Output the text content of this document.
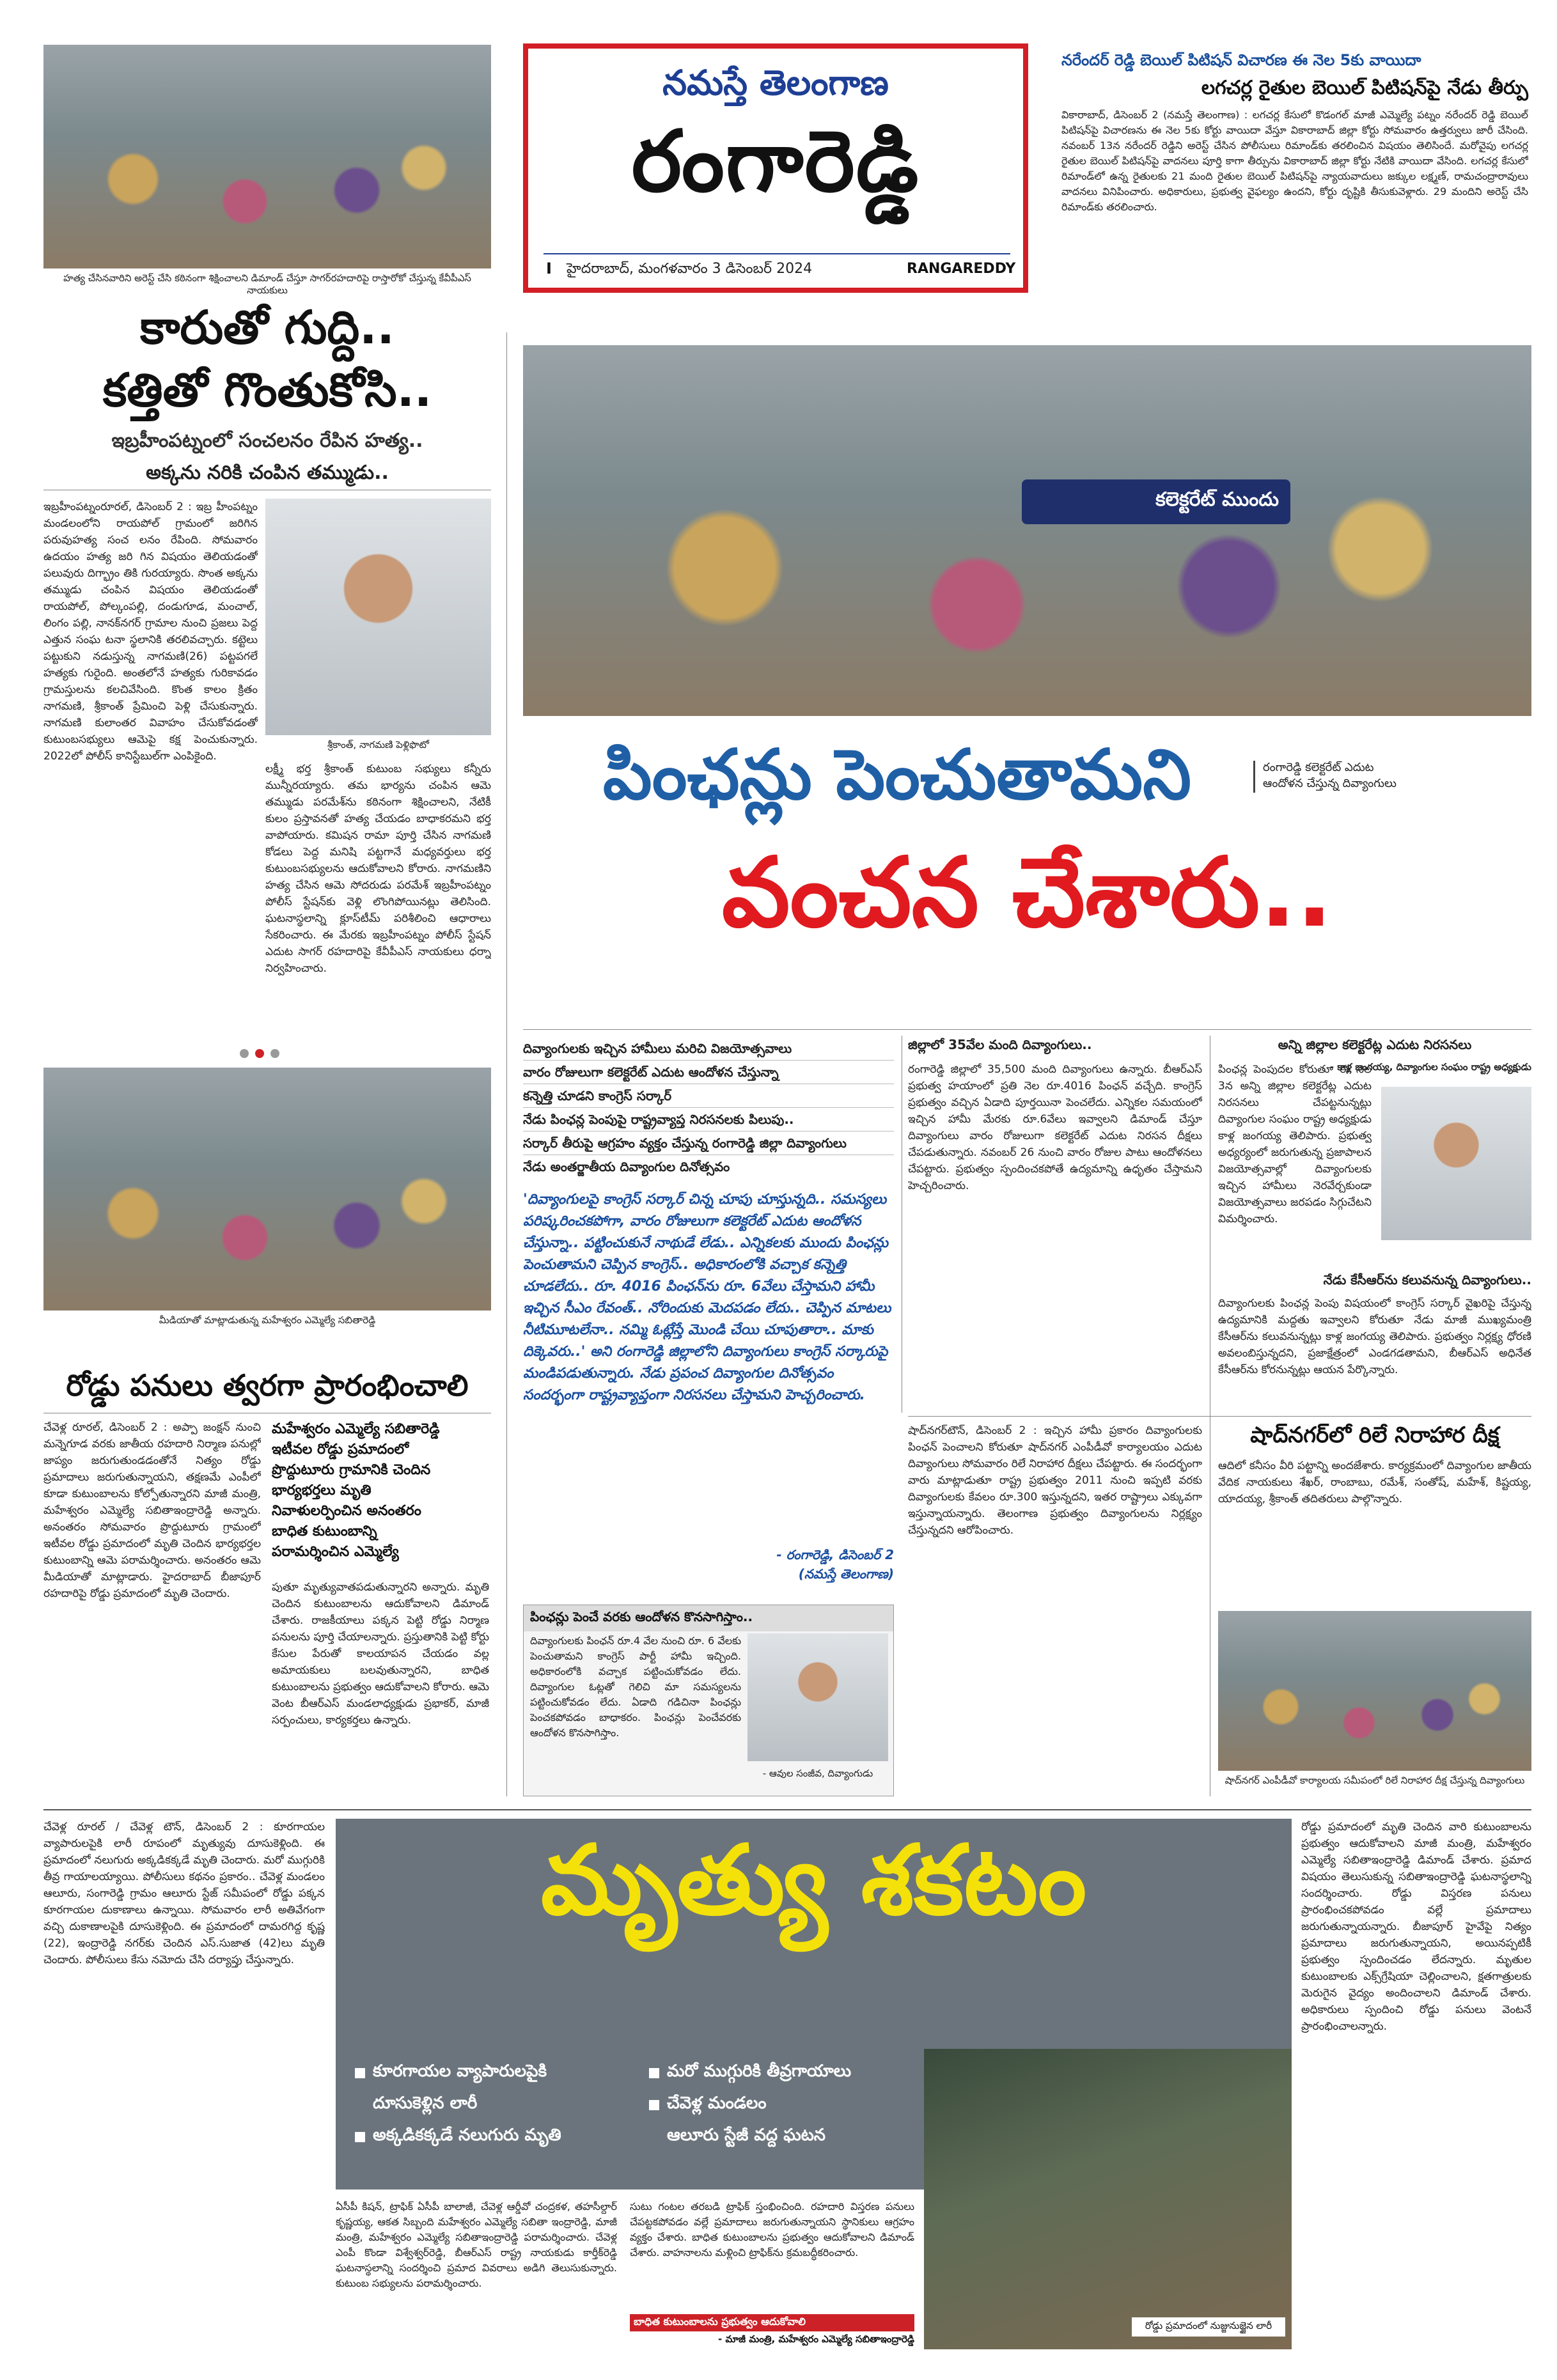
హత్య చేసినవారిని అరెస్ట్ చేసి కఠినంగా శిక్షించాలని డిమాండ్ చేస్తూ సాగర్‌రహదారిపై రాస్తారోకో చేస్తున్న కేవీపీఎస్ నాయకులు
నమస్తే తెలంగాణ
రంగారెడ్డి
I హైదరాబాద్, మంగళవారం 3 డిసెంబర్ 2024	RANGAREDDY
నరేందర్ రెడ్డి బెయిల్ పిటిషన్ విచారణ ఈ నెల 5కు వాయిదా
లగచర్ల రైతుల బెయిల్ పిటిషన్‌పై నేడు తీర్పు
వికారాబాద్, డిసెంబర్ 2 (నమస్తే తెలంగాణ) : లగచర్ల కేసులో కొడంగల్ మాజీ ఎమ్మెల్యే పట్నం నరేందర్ రెడ్డి బెయిల్ పిటిషన్‌పై విచారణను ఈ నెల 5కు కోర్టు వాయిదా వేస్తూ వికారాబాద్ జిల్లా కోర్టు సోమవారం ఉత్తర్వులు జారీ చేసింది. నవంబర్ 13న నరేందర్ రెడ్డిని అరెస్ట్ చేసిన పోలీసులు రిమాండ్‌కు తరలించిన విషయం తెలిసిందే. మరోవైపు లగచర్ల రైతుల బెయిల్ పిటిషన్‌పై వాదనలు పూర్తి కాగా తీర్పును వికారాబాద్ జిల్లా కోర్టు నేటికి వాయిదా వేసింది. లగచర్ల కేసులో రిమాండ్‌లో ఉన్న రైతులకు 21 మంది రైతుల బెయిల్ పిటిషన్‌పై న్యాయవాదులు జక్కుల లక్ష్మణ్, రామచంద్రారావులు వాదనలు వినిపించారు. అధికారులు, ప్రభుత్వ వైఫల్యం ఉందని, కోర్టు దృష్టికి తీసుకువెళ్లారు. 29 మందిని అరెస్ట్ చేసి రిమాండ్‌కు తరలించారు.
కారుతో గుద్ది..
కత్తితో గొంతుకోసి..
ఇబ్రహీంపట్నంలో సంచలనం రేపిన హత్య..
అక్కను నరికి చంపిన తమ్ముడు..
ఇబ్రహీంపట్నంరూరల్, డిసెంబర్ 2 : ఇబ్ర హీంపట్నం మండలంలోని రాయపోల్ గ్రామంలో జరిగిన పరువుహత్య సంచ లనం రేపింది. సోమవారం ఉదయం హత్య జరి గిన విషయం తెలియడంతో పలువురు దిగ్భ్రాం తికి గురయ్యారు. సొంత అక్కను తమ్ముడు చంపిన విషయం తెలియడంతో రాయపోల్, పోల్కంపల్లి, దండుగూడ, మంచాల్, లింగం పల్లి, నానక్‌నగర్ గ్రామాల నుంచి ప్రజలు పెద్ద ఎత్తున సంఘ టనా స్థలానికి తరలివచ్చారు. కట్టెలు పట్టుకుని నడుస్తున్న నాగమణి(26) పట్టపగలే హత్యకు గురైంది. అంతలోనే హత్యకు గురికావడం గ్రామస్తులను కలచివేసింది. కొంత కాలం క్రితం నాగమణి, శ్రీకాంత్ ప్రేమించి పెళ్లి చేసుకున్నారు. నాగమణి కులాంతర వివాహం చేసుకోవడంతో కుటుంబసభ్యులు ఆమెపై కక్ష పెంచుకున్నారు. 2022లో పోలీస్ కానిస్టేబుల్‌గా ఎంపికైంది.
శ్రీకాంత్, నాగమణి పెళ్లిఫొటో
లక్ష్మీ భర్త శ్రీకాంత్ కుటుంబ సభ్యులు కన్నీరు మున్నీరయ్యారు. తమ భార్యను చంపిన ఆమె తమ్ముడు పరమేశ్‌ను కఠినంగా శిక్షించాలని, నేటికీ కులం ప్రస్తావనతో హత్య చేయడం బాధాకరమని భర్త వాపోయారు. కమిషన రామా పూర్తి చేసిన నాగమణి కోడలు పెద్ద మనిషి పట్టగానే మధ్యవర్తులు భర్త కుటుంబసభ్యులను ఆదుకోవాలని కోరారు. నాగమణిని హత్య చేసిన ఆమె సోదరుడు పరమేశ్ ఇబ్రహీంపట్నం పోలీస్ స్టేషన్‌కు వెళ్లి లొంగిపోయినట్లు తెలిసింది. ఘటనాస్థలాన్ని క్లూస్‌టీమ్ పరిశీలించి ఆధారాలు సేకరించారు. ఈ మేరకు ఇబ్రహీంపట్నం పోలీస్ స్టేషన్ ఎదుట సాగర్ రహదారిపై కేవీపీఎస్ నాయకులు ధర్నా నిర్వహించారు.
మీడియాతో మాట్లాడుతున్న మహేశ్వరం ఎమ్మెల్యే సబితారెడ్డి
రోడ్డు పనులు త్వరగా ప్రారంభించాలి
చేవెళ్ల రూరల్, డిసెంబర్ 2 : అప్పా జంక్షన్ నుంచి మన్నెగూడ వరకు జాతీయ రహదారి నిర్మాణ పనుల్లో జాప్యం జరుగుతుండడంతోనే నిత్యం రోడ్డు ప్రమాదాలు జరుగుతున్నాయని, తక్షణమే ఎంపీలో కూడా కుటుంబాలను కోల్పోతున్నారని మాజీ మంత్రి, మహేశ్వరం ఎమ్మెల్యే సబితాఇంద్రారెడ్డి అన్నారు. అనంతరం సోమవారం ప్రొద్దుటూరు గ్రామంలో ఇటీవల రోడ్డు ప్రమాదంలో మృతి చెందిన భార్యభర్తల కుటుంబాన్ని ఆమె పరామర్శించారు. అనంతరం ఆమె మీడియాతో మాట్లాడారు. హైదరాబాద్ బీజాపూర్ రహదారిపై రోడ్డు ప్రమాదంలో మృతి చెందారు.
మహేశ్వరం ఎమ్మెల్యే సబితారెడ్డి
ఇటీవల రోడ్డు ప్రమాదంలో
ప్రొద్దుటూరు గ్రామానికి చెందిన
భార్యభర్తలు మృతి
నివాళులర్పించిన అనంతరం
బాధిత కుటుంబాన్ని
పరామర్శించిన ఎమ్మెల్యే
పుతూ మృత్యువాతపడుతున్నారని అన్నారు. మృతి చెందిన కుటుంబాలను ఆదుకోవాలని డిమాండ్ చేశారు. రాజకీయాలు పక్కన పెట్టి రోడ్డు నిర్మాణ పనులను పూర్తి చేయాలన్నారు. ప్రస్తుతానికి పెట్టి కోర్టు కేసుల పేరుతో కాలయాపన చేయడం వల్ల అమాయకులు బలవుతున్నారని, బాధిత కుటుంబాలను ప్రభుత్వం ఆదుకోవాలని కోరారు. ఆమె వెంట బీఆర్ఎస్ మండలాధ్యక్షుడు ప్రభాకర్, మాజీ సర్పంచులు, కార్యకర్తలు ఉన్నారు.
కలెక్టరేట్ ముందు
పింఛన్లు పెంచుతామని	రంగారెడ్డి కలెక్టరేట్ ఎదుట
ఆందోళన చేస్తున్న దివ్యాంగులు
వంచన చేశారు..
దివ్యాంగులకు ఇచ్చిన హామీలు మరిచి విజయోత్సవాలు
వారం రోజులుగా కలెక్టరేట్ ఎదుట ఆందోళన చేస్తున్నా
కన్నెత్తి చూడని కాంగ్రెస్ సర్కార్
నేడు పింఛన్ల పెంపుపై రాష్ట్రవ్యాప్త నిరసనలకు పిలుపు..
సర్కార్ తీరుపై ఆగ్రహం వ్యక్తం చేస్తున్న రంగారెడ్డి జిల్లా దివ్యాంగులు
నేడు అంతర్జాతీయ దివ్యాంగుల దినోత్సవం
'దివ్యాంగులపై కాంగ్రెస్ సర్కార్ చిన్న చూపు చూస్తున్నది.. సమస్యలు పరిష్కరించకపోగా, వారం రోజులుగా కలెక్టరేట్ ఎదుట ఆందోళన చేస్తున్నా.. పట్టించుకునే నాథుడే లేడు.. ఎన్నికలకు ముందు పింఛన్లు పెంచుతామని చెప్పిన కాంగ్రెస్.. అధికారంలోకి వచ్చాక కన్నెత్తి చూడలేదు.. రూ. 4016 పింఛన్‌ను రూ. 6వేలు చేస్తామని హామీ ఇచ్చిన సీఎం రేవంత్.. నోరిందుకు మెదపడం లేదు.. చెప్పిన మాటలు నీటిమూటలేనా.. నమ్మి ఓట్లేస్తే మొండి చేయి చూపుతారా.. మాకు దిక్కెవరు..' అని రంగారెడ్డి జిల్లాలోని దివ్యాంగులు కాంగ్రెస్ సర్కారుపై మండిపడుతున్నారు. నేడు ప్రపంచ దివ్యాంగుల దినోత్సవం సందర్భంగా రాష్ట్రవ్యాప్తంగా నిరసనలు చేస్తామని హెచ్చరించారు.
- రంగారెడ్డి, డిసెంబర్ 2
(నమస్తే తెలంగాణ)
పింఛన్లు పెంచే వరకు ఆందోళన కొనసాగిస్తాం..
దివ్యాంగులకు పింఛన్ రూ.4 వేల నుంచి రూ. 6 వేలకు పెంచుతామని కాంగ్రెస్ పార్టీ హామీ ఇచ్చింది. అధికారంలోకి వచ్చాక పట్టించుకోవడం లేదు. దివ్యాంగుల ఓట్లతో గెలిచి మా సమస్యలను పట్టించుకోవడం లేదు. ఏడాది గడిచినా పింఛన్లు పెంచకపోవడం బాధాకరం. పింఛన్లు పెంచేవరకు ఆందోళన కొనసాగిస్తాం.
- ఆవుల సంజీవ, దివ్యాంగుడు
జిల్లాలో 35వేల మంది దివ్యాంగులు..
రంగారెడ్డి జిల్లాలో 35,500 మంది దివ్యాంగులు ఉన్నారు. బీఆర్ఎస్ ప్రభుత్వ హయాంలో ప్రతి నెల రూ.4016 పింఛన్ వచ్చేది. కాంగ్రెస్ ప్రభుత్వం వచ్చిన ఏడాది పూర్తయినా పెంచలేదు. ఎన్నికల సమయంలో ఇచ్చిన హామీ మేరకు రూ.6వేలు ఇవ్వాలని డిమాండ్ చేస్తూ దివ్యాంగులు వారం రోజులుగా కలెక్టరేట్ ఎదుట నిరసన దీక్షలు చేపడుతున్నారు. నవంబర్ 26 నుంచి వారం రోజుల పాటు ఆందోళనలు చేపట్టారు. ప్రభుత్వం స్పందించకపోతే ఉద్యమాన్ని ఉధృతం చేస్తామని హెచ్చరించారు.
అన్ని జిల్లాల కలెక్టరేట్ల ఎదుట నిరసనలు
పింఛన్ల పెంపుదల కోరుతూ ఈ నెల 3న అన్ని జిల్లాల కలెక్టరేట్ల ఎదుట నిరసనలు చేపట్టనున్నట్లు దివ్యాంగుల సంఘం రాష్ట్ర అధ్యక్షుడు కాళ్ల జంగయ్య తెలిపారు. ప్రభుత్వ అధ్యర్యంలో జరుగుతున్న ప్రజాపాలన విజయోత్సవాల్లో దివ్యాంగులకు ఇచ్చిన హామీలు నెరవేర్చకుండా విజయోత్సవాలు జరపడం సిగ్గుచేటని విమర్శించారు.
- కాళ్ల జంగయ్య, దివ్యాంగుల సంఘం రాష్ట్ర అధ్యక్షుడు
నేడు కేసీఆర్‌ను కలువనున్న దివ్యాంగులు..
దివ్యాంగులకు పింఛన్ల పెంపు విషయంలో కాంగ్రెస్ సర్కార్ వైఖరిపై చేస్తున్న ఉద్యమానికి మద్దతు ఇవ్వాలని కోరుతూ నేడు మాజీ ముఖ్యమంత్రి కేసీఆర్‌ను కలువనున్నట్లు కాళ్ల జంగయ్య తెలిపారు. ప్రభుత్వం నిర్లక్ష్య ధోరణి అవలంబిస్తున్నదని, ప్రజాక్షేత్రంలో ఎండగడతామని, బీఆర్ఎస్ అధినేత కేసీఆర్‌ను కోరనున్నట్లు ఆయన పేర్కొన్నారు.
షాద్‌నగర్‌టౌన్, డిసెంబర్ 2 : ఇచ్చిన హామీ ప్రకారం దివ్యాంగులకు పింఛన్ పెంచాలని కోరుతూ షాద్‌నగర్ ఎంపీడీవో కార్యాలయం ఎదుట దివ్యాంగులు సోమవారం రిలే నిరాహార దీక్షలు చేపట్టారు. ఈ సందర్భంగా వారు మాట్లాడుతూ రాష్ట్ర ప్రభుత్వం 2011 నుంచి ఇప్పటి వరకు దివ్యాంగులకు కేవలం రూ.300 ఇస్తున్నదని, ఇతర రాష్ట్రాలు ఎక్కువగా ఇస్తున్నాయన్నారు. తెలంగాణ ప్రభుత్వం దివ్యాంగులను నిర్లక్ష్యం చేస్తున్నదని ఆరోపించారు.
షాద్‌నగర్‌లో రిలే నిరాహార దీక్ష
ఆదిలో కనీసం వీరి పట్టాన్ని అందజేశారు. కార్యక్రమంలో దివ్యాంగుల జాతీయ వేదిక నాయకులు శేఖర్, రాంబాబు, రమేశ్, సంతోష్, మహేశ్, కిష్టయ్య, యాదయ్య, శ్రీకాంత్ తదితరులు పాల్గొన్నారు.
షాద్‌నగర్ ఎంపీడీవో కార్యాలయ సమీపంలో రిలే నిరాహార దీక్ష చేస్తున్న దివ్యాంగులు
చేవెళ్ల రూరల్ / చేవెళ్ల టౌన్, డిసెంబర్ 2 : కూరగాయల వ్యాపారులపైకి లారీ రూపంలో మృత్యువు దూసుకెళ్లింది. ఈ ప్రమాదంలో నలుగురు అక్కడికక్కడే మృతి చెందారు. మరో ముగ్గురికి తీవ్ర గాయాలయ్యాయి. పోలీసులు కథనం ప్రకారం.. చేవెళ్ల మండలం ఆలూరు, సంగారెడ్డి గ్రామం ఆలూరు స్టేజ్ సమీపంలో రోడ్డు పక్కన కూరగాయల దుకాణాలు ఉన్నాయి. సోమవారం లారీ అతివేగంగా వచ్చి దుకాణాలపైకి దూసుకెళ్లింది. ఈ ప్రమాదంలో దామరగిద్ద కృష్ణ (22), ఇంద్రారెడ్డి నగర్‌కు చెందిన ఎస్.సుజాత (42)లు మృతి చెందారు. పోలీసులు కేసు నమోదు చేసి దర్యాప్తు చేస్తున్నారు.
మృత్యు శకటం
కూరగాయల వ్యాపారులపైకి
దూసుకెళ్లిన లారీ
అక్కడికక్కడే నలుగురు మృతి
మరో ముగ్గురికి తీవ్రగాయాలు
చేవెళ్ల మండలం
ఆలూరు స్టేజీ వద్ద ఘటన
రోడ్డు ప్రమాదంలో నుజ్జునుజ్జైన లారీ
ఏసీపీ కిషన్, ట్రాఫిక్ ఏసీపీ బాలాజీ, చేవెళ్ల ఆర్డీవో చంద్రకళ, తహసీల్దార్ కృష్ణయ్య, ఆకత సిబ్బంది మహేశ్వరం ఎమ్మెల్యే సబితా ఇంద్రారెడ్డి, మాజీ మంత్రి, మహేశ్వరం ఎమ్మెల్యే సబితాఇంద్రారెడ్డి పరామర్శించారు. చేవెళ్ల ఎంపీ కొండా విశ్వేశ్వర్‌రెడ్డి, బీఆర్ఎస్ రాష్ట్ర నాయకుడు కార్తీక్‌రెడ్డి ఘటనాస్థలాన్ని సందర్శించి ప్రమాద వివరాలు అడిగి తెలుసుకున్నారు. కుటుంబ సభ్యులను పరామర్శించారు.
సుటు గంటల తరబడి ట్రాఫిక్ స్తంభించింది. రహదారి విస్తరణ పనులు చేపట్టకపోవడం వల్లే ప్రమాదాలు జరుగుతున్నాయని స్థానికులు ఆగ్రహం వ్యక్తం చేశారు. బాధిత కుటుంబాలను ప్రభుత్వం ఆదుకోవాలని డిమాండ్ చేశారు. వాహనాలను మళ్లించి ట్రాఫిక్‌ను క్రమబద్ధీకరించారు.
బాధిత కుటుంబాలను ప్రభుత్వం ఆదుకోవాలి
- మాజీ మంత్రి, మహేశ్వరం ఎమ్మెల్యే సబితాఇంద్రారెడ్డి
రోడ్డు ప్రమాదంలో మృతి చెందిన వారి కుటుంబాలను ప్రభుత్వం ఆదుకోవాలని మాజీ మంత్రి, మహేశ్వరం ఎమ్మెల్యే సబితాఇంద్రారెడ్డి డిమాండ్ చేశారు. ప్రమాద విషయం తెలుసుకున్న సబితాఇంద్రారెడ్డి ఘటనాస్థలాన్ని సందర్శించారు. రోడ్డు విస్తరణ పనులు ప్రారంభించకపోవడం వల్లే ప్రమాదాలు జరుగుతున్నాయన్నారు. బీజాపూర్ హైవేపై నిత్యం ప్రమాదాలు జరుగుతున్నాయని, అయినప్పటికీ ప్రభుత్వం స్పందించడం లేదన్నారు. మృతుల కుటుంబాలకు ఎక్స్‌గ్రేషియా చెల్లించాలని, క్షతగాత్రులకు మెరుగైన వైద్యం అందించాలని డిమాండ్ చేశారు. అధికారులు స్పందించి రోడ్డు పనులు వెంటనే ప్రారంభించాలన్నారు.
